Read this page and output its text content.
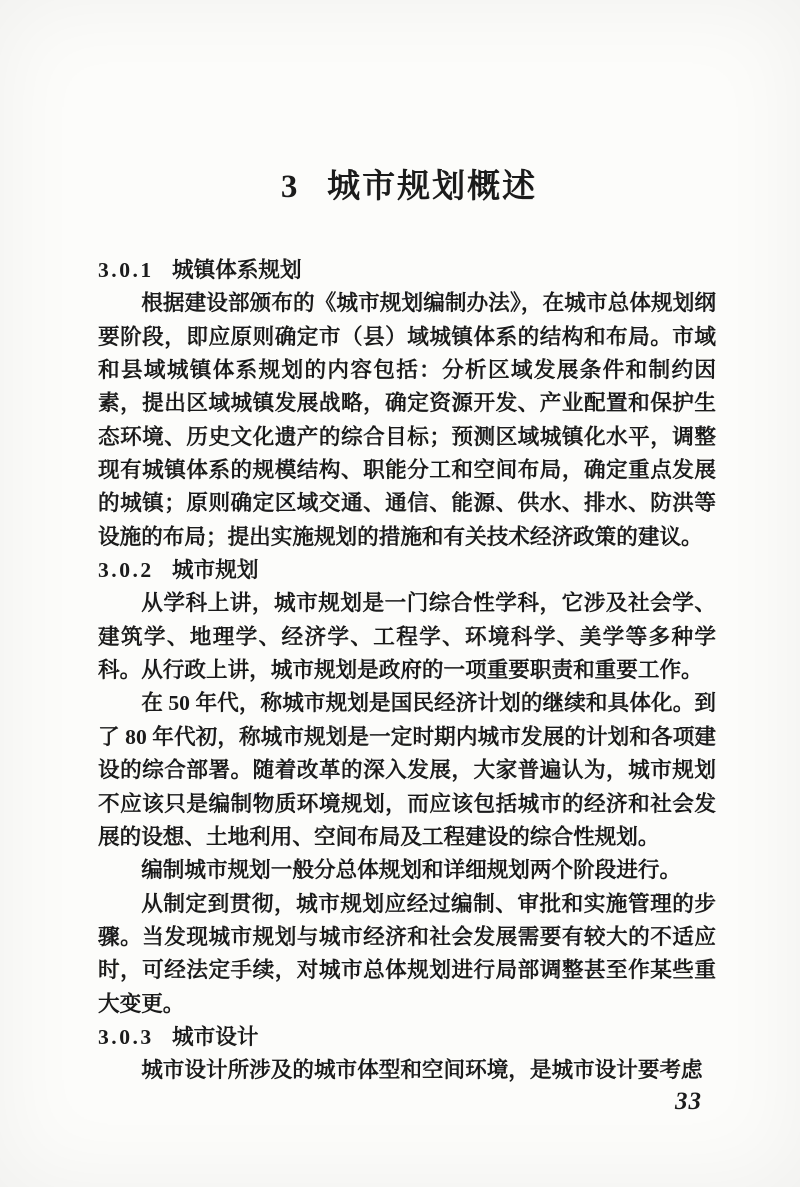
3 城市规划概述
3.0.1 城镇体系规划

根据建设部颁布的《城市规划编制办法》，在城市总体规划纲要阶段，即应原则确定市（县）域城镇体系的结构和布局。市域和县域城镇体系规划的内容包括：分析区域发展条件和制约因素，提出区域城镇发展战略，确定资源开发、产业配置和保护生态环境、历史文化遗产的综合目标；预测区域城镇化水平，调整现有城镇体系的规模结构、职能分工和空间布局，确定重点发展的城镇；原则确定区域交通、通信、能源、供水、排水、防洪等设施的布局；提出实施规划的措施和有关技术经济政策的建议。

3.0.2 城市规划

从学科上讲，城市规划是一门综合性学科，它涉及社会学、建筑学、地理学、经济学、工程学、环境科学、美学等多种学科。从行政上讲，城市规划是政府的一项重要职责和重要工作。

在 50 年代，称城市规划是国民经济计划的继续和具体化。到了 80 年代初，称城市规划是一定时期内城市发展的计划和各项建设的综合部署。随着改革的深入发展，大家普遍认为，城市规划不应该只是编制物质环境规划，而应该包括城市的经济和社会发展的设想、土地利用、空间布局及工程建设的综合性规划。

编制城市规划一般分总体规划和详细规划两个阶段进行。

从制定到贯彻，城市规划应经过编制、审批和实施管理的步骤。当发现城市规划与城市经济和社会发展需要有较大的不适应时，可经法定手续，对城市总体规划进行局部调整甚至作某些重大变更。

3.0.3 城市设计

城市设计所涉及的城市体型和空间环境，是城市设计要考虑

33
